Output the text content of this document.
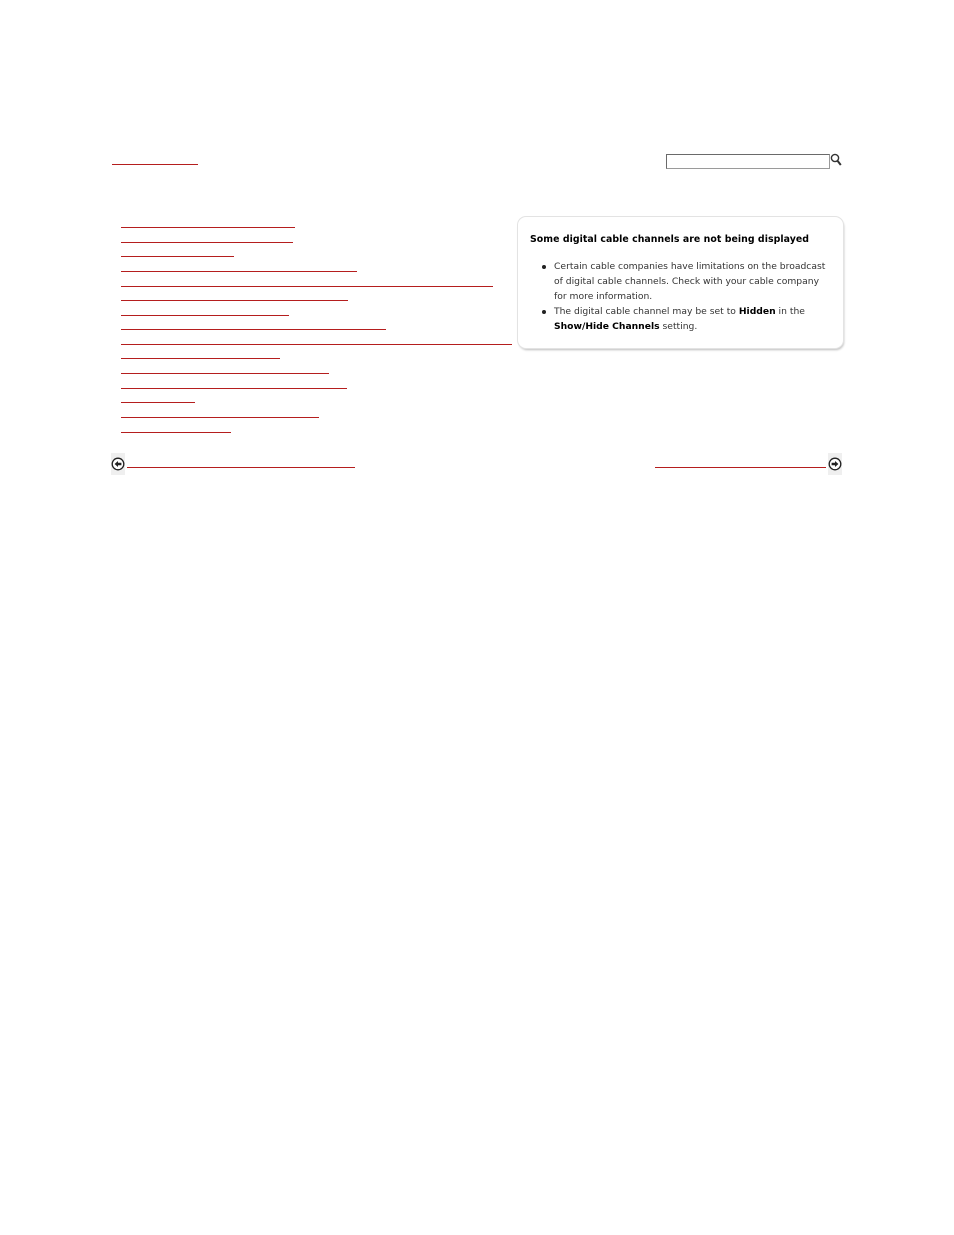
Some digital cable channels are not being displayed
Certain cable companies have limitations on the broadcast of digital cable channels. Check with your cable company for more information.
The digital cable channel may be set to Hidden in the Show/Hide Channels setting.
